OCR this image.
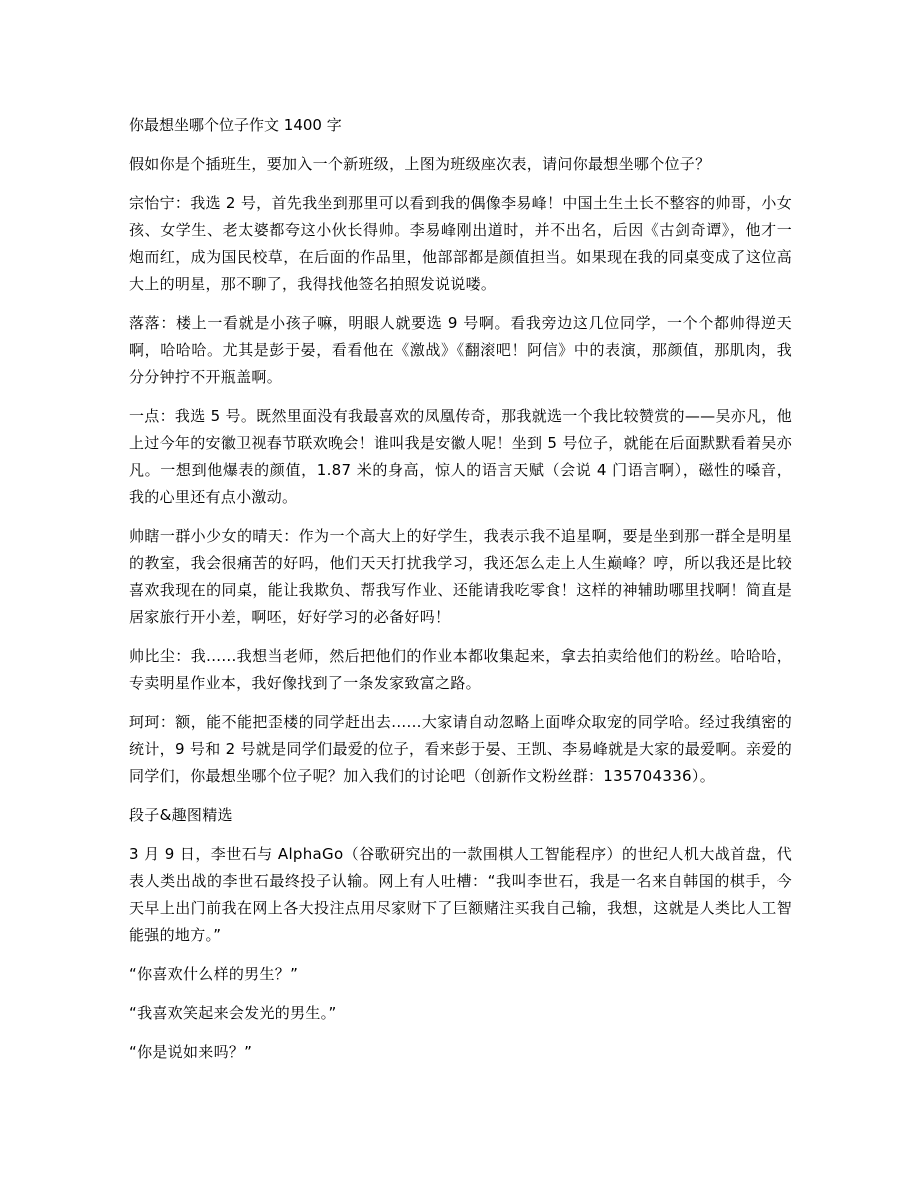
你最想坐哪个位子作文 1400 字

假如你是个插班生，要加入一个新班级，上图为班级座次表，请问你最想坐哪个位子？

宗怡宁：我选 2 号，首先我坐到那里可以看到我的偶像李易峰！中国土生土长不整容的帅哥，小女孩、女学生、老太婆都夸这小伙长得帅。李易峰刚出道时，并不出名，后因《古剑奇谭》，他才一炮而红，成为国民校草，在后面的作品里，他部部都是颜值担当。如果现在我的同桌变成了这位高大上的明星，那不聊了，我得找他签名拍照发说说喽。

落落：楼上一看就是小孩子嘛，明眼人就要选 9 号啊。看我旁边这几位同学，一个个都帅得逆天啊，哈哈哈。尤其是彭于晏，看看他在《激战》《翻滚吧！阿信》中的表演，那颜值，那肌肉，我分分钟拧不开瓶盖啊。

一点：我选 5 号。既然里面没有我最喜欢的凤凰传奇，那我就选一个我比较赞赏的——吴亦凡，他上过今年的安徽卫视春节联欢晚会！谁叫我是安徽人呢！坐到 5 号位子，就能在后面默默看着吴亦凡。一想到他爆表的颜值，1.87 米的身高，惊人的语言天赋（会说 4 门语言啊），磁性的嗓音，我的心里还有点小激动。

帅瞎一群小少女的晴天：作为一个高大上的好学生，我表示我不追星啊，要是坐到那一群全是明星的教室，我会很痛苦的好吗，他们天天打扰我学习，我还怎么走上人生巅峰？哼，所以我还是比较喜欢我现在的同桌，能让我欺负、帮我写作业、还能请我吃零食！这样的神辅助哪里找啊！简直是居家旅行开小差，啊呸，好好学习的必备好吗！

帅比尘：我......我想当老师，然后把他们的作业本都收集起来，拿去拍卖给他们的粉丝。哈哈哈，专卖明星作业本，我好像找到了一条发家致富之路。

珂珂：额，能不能把歪楼的同学赶出去......大家请自动忽略上面哗众取宠的同学哈。经过我缜密的统计，9 号和 2 号就是同学们最爱的位子，看来彭于晏、王凯、李易峰就是大家的最爱啊。亲爱的同学们，你最想坐哪个位子呢？加入我们的讨论吧（创新作文粉丝群：135704336）。

段子&趣图精选

3 月 9 日，李世石与 AlphaGo（谷歌研究出的一款围棋人工智能程序）的世纪人机大战首盘，代表人类出战的李世石最终投子认输。网上有人吐槽：“我叫李世石，我是一名来自韩国的棋手，今天早上出门前我在网上各大投注点用尽家财下了巨额赌注买我自己输，我想，这就是人类比人工智能强的地方。”

“你喜欢什么样的男生？”

“我喜欢笑起来会发光的男生。”

“你是说如来吗？”
